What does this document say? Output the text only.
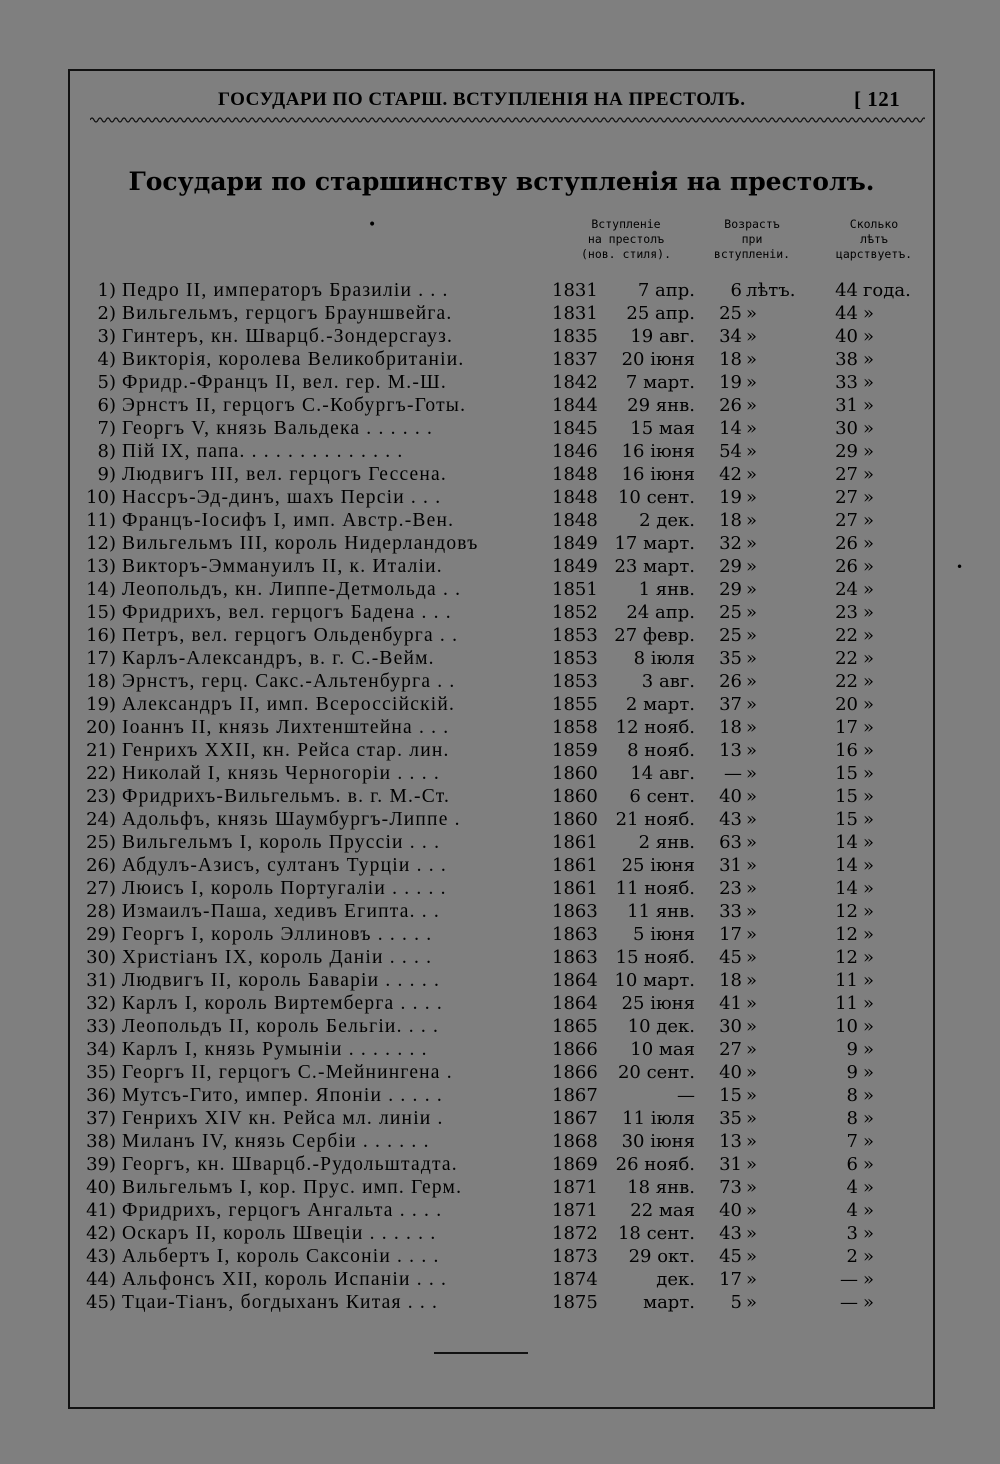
ГОСУДАРИ ПО СТАРШ. ВСТУПЛЕНІЯ НА ПРЕСТОЛЪ.	[ 121
Государи по старшинству вступленія на престолъ.
•	Вступленіе
на престолъ
(нов. стиля).
Возрастъ
при
вступленіи.
Сколько
лѣтъ
царствуетъ.
1) Педро II, императоръ Бразиліи . . .	1831	7 апр.	6 лѣтъ.	44 года.
2) Вильгельмъ, герцогъ Брауншвейга.	1831	25 апр.	25 »	44 »
3) Гинтеръ, кн. Шварцб.-Зондерсгауз.	1835	19 авг.	34 »	40 »
4) Викторія, королева Великобританіи.	1837	20 іюня	18 »	38 »
5) Фридр.-Францъ II, вел. гер. М.-Ш.	1842	7 март.	19 »	33 »
6) Эрнстъ II, герцогъ С.-Кобургъ-Готы.	1844	29 янв.	26 »	31 »
7) Георгъ V, князь Вальдека . . . . . .	1845	15 мая	14 »	30 »
8) Пій IX, папа. . . . . . . . . . . . . .	1846	16 іюня	54 »	29 »
9) Людвигъ III, вел. герцогъ Гессена.	1848	16 іюня	42 »	27 »
10) Нассръ-Эд-динъ, шахъ Персіи . . .	1848	10 сент.	19 »	27 »
11) Францъ-Іосифъ I, имп. Австр.-Вен.	1848	2 дек.	18 »	27 »
12) Вильгельмъ III, король Нидерландовъ	1849 17 март.	32 »	26 »
13) Викторъ-Эммануилъ II, к. Италіи.	1849 23 март.	29 »	26 »
14) Леопольдъ, кн. Липпе-Детмольда . .	1851	1 янв.	29 »	24 »
15) Фридрихъ, вел. герцогъ Бадена . . .	1852	24 апр.	25 »	23 »
16) Петръ, вел. герцогъ Ольденбурга . .	1853 27 февр.	25 »	22 »
17) Карлъ-Александръ, в. г. С.-Вейм.	1853	8 іюля	35 »	22 »
18) Эрнстъ, герц. Сакс.-Альтенбурга . .	1853	3 авг.	26 »	22 »
19) Александръ II, имп. Всероссійскій.	1855	2 март.	37 »	20 »
20) Іоаннъ II, князь Лихтенштейна . . .	1858 12 нояб.	18 »	17 »
21) Генрихъ XXII, кн. Рейса стар. лин.	1859	8 нояб.	13 »	16 »
22) Николай I, князь Черногоріи . . . .	1860	14 авг.	— »	15 »
23) Фридрихъ-Вильгельмъ. в. г. М.-Ст.	1860	6 сент.	40 »	15 »
24) Адольфъ, князь Шаумбургъ-Липпе .	1860 21 нояб.	43 »	15 »
25) Вильгельмъ I, король Пруссіи . . .	1861	2 янв.	63 »	14 »
26) Абдулъ-Азисъ, султанъ Турціи . . .	1861	25 іюня	31 »	14 »
27) Люисъ I, король Португаліи . . . . .	1861 11 нояб.	23 »	14 »
28) Измаилъ-Паша, хедивъ Египта. . .	1863	11 янв.	33 »	12 »
29) Георгъ I, король Эллиновъ . . . . .	1863	5 іюня	17 »	12 »
30) Христіанъ IX, король Даніи . . . .	1863 15 нояб.	45 »	12 »
31) Людвигъ II, король Баваріи . . . . .	1864 10 март.	18 »	11 »
32) Карлъ I, король Виртемберга . . . .	1864	25 іюня	41 »	11 »
33) Леопольдъ II, король Бельгіи. . . .	1865	10 дек.	30 »	10 »
34) Карлъ I, князь Румыніи . . . . . . .	1866	10 мая	27 »	9 »
35) Георгъ II, герцогъ С.-Мейнингена .	1866	20 сент.	40 »	9 »
36) Мутсъ-Гито, импер. Японіи . . . . .	1867	—	15 »	8 »
37) Генрихъ XIV кн. Рейса мл. линіи .	1867	11 іюля	35 »	8 »
38) Миланъ IV, князь Сербіи . . . . . .	1868	30 іюня	13 »	7 »
39) Георгъ, кн. Шварцб.-Рудольштадта.	1869 26 нояб.	31 »	6 »
40) Вильгельмъ I, кор. Прус. имп. Герм.	1871	18 янв.	73 »	4 »
41) Фридрихъ, герцогъ Ангальта . . . .	1871	22 мая	40 »	4 »
42) Оскаръ II, король Швеціи . . . . . .	1872	18 сент.	43 »	3 »
43) Альбертъ I, король Саксоніи . . . .	1873	29 окт.	45 »	2 »
44) Альфонсъ XII, король Испаніи . . .	1874	дек.	17 »	— »
45) Тцаи-Тіанъ, богдыханъ Китая . . .	1875	март.	5 »	— »
•
